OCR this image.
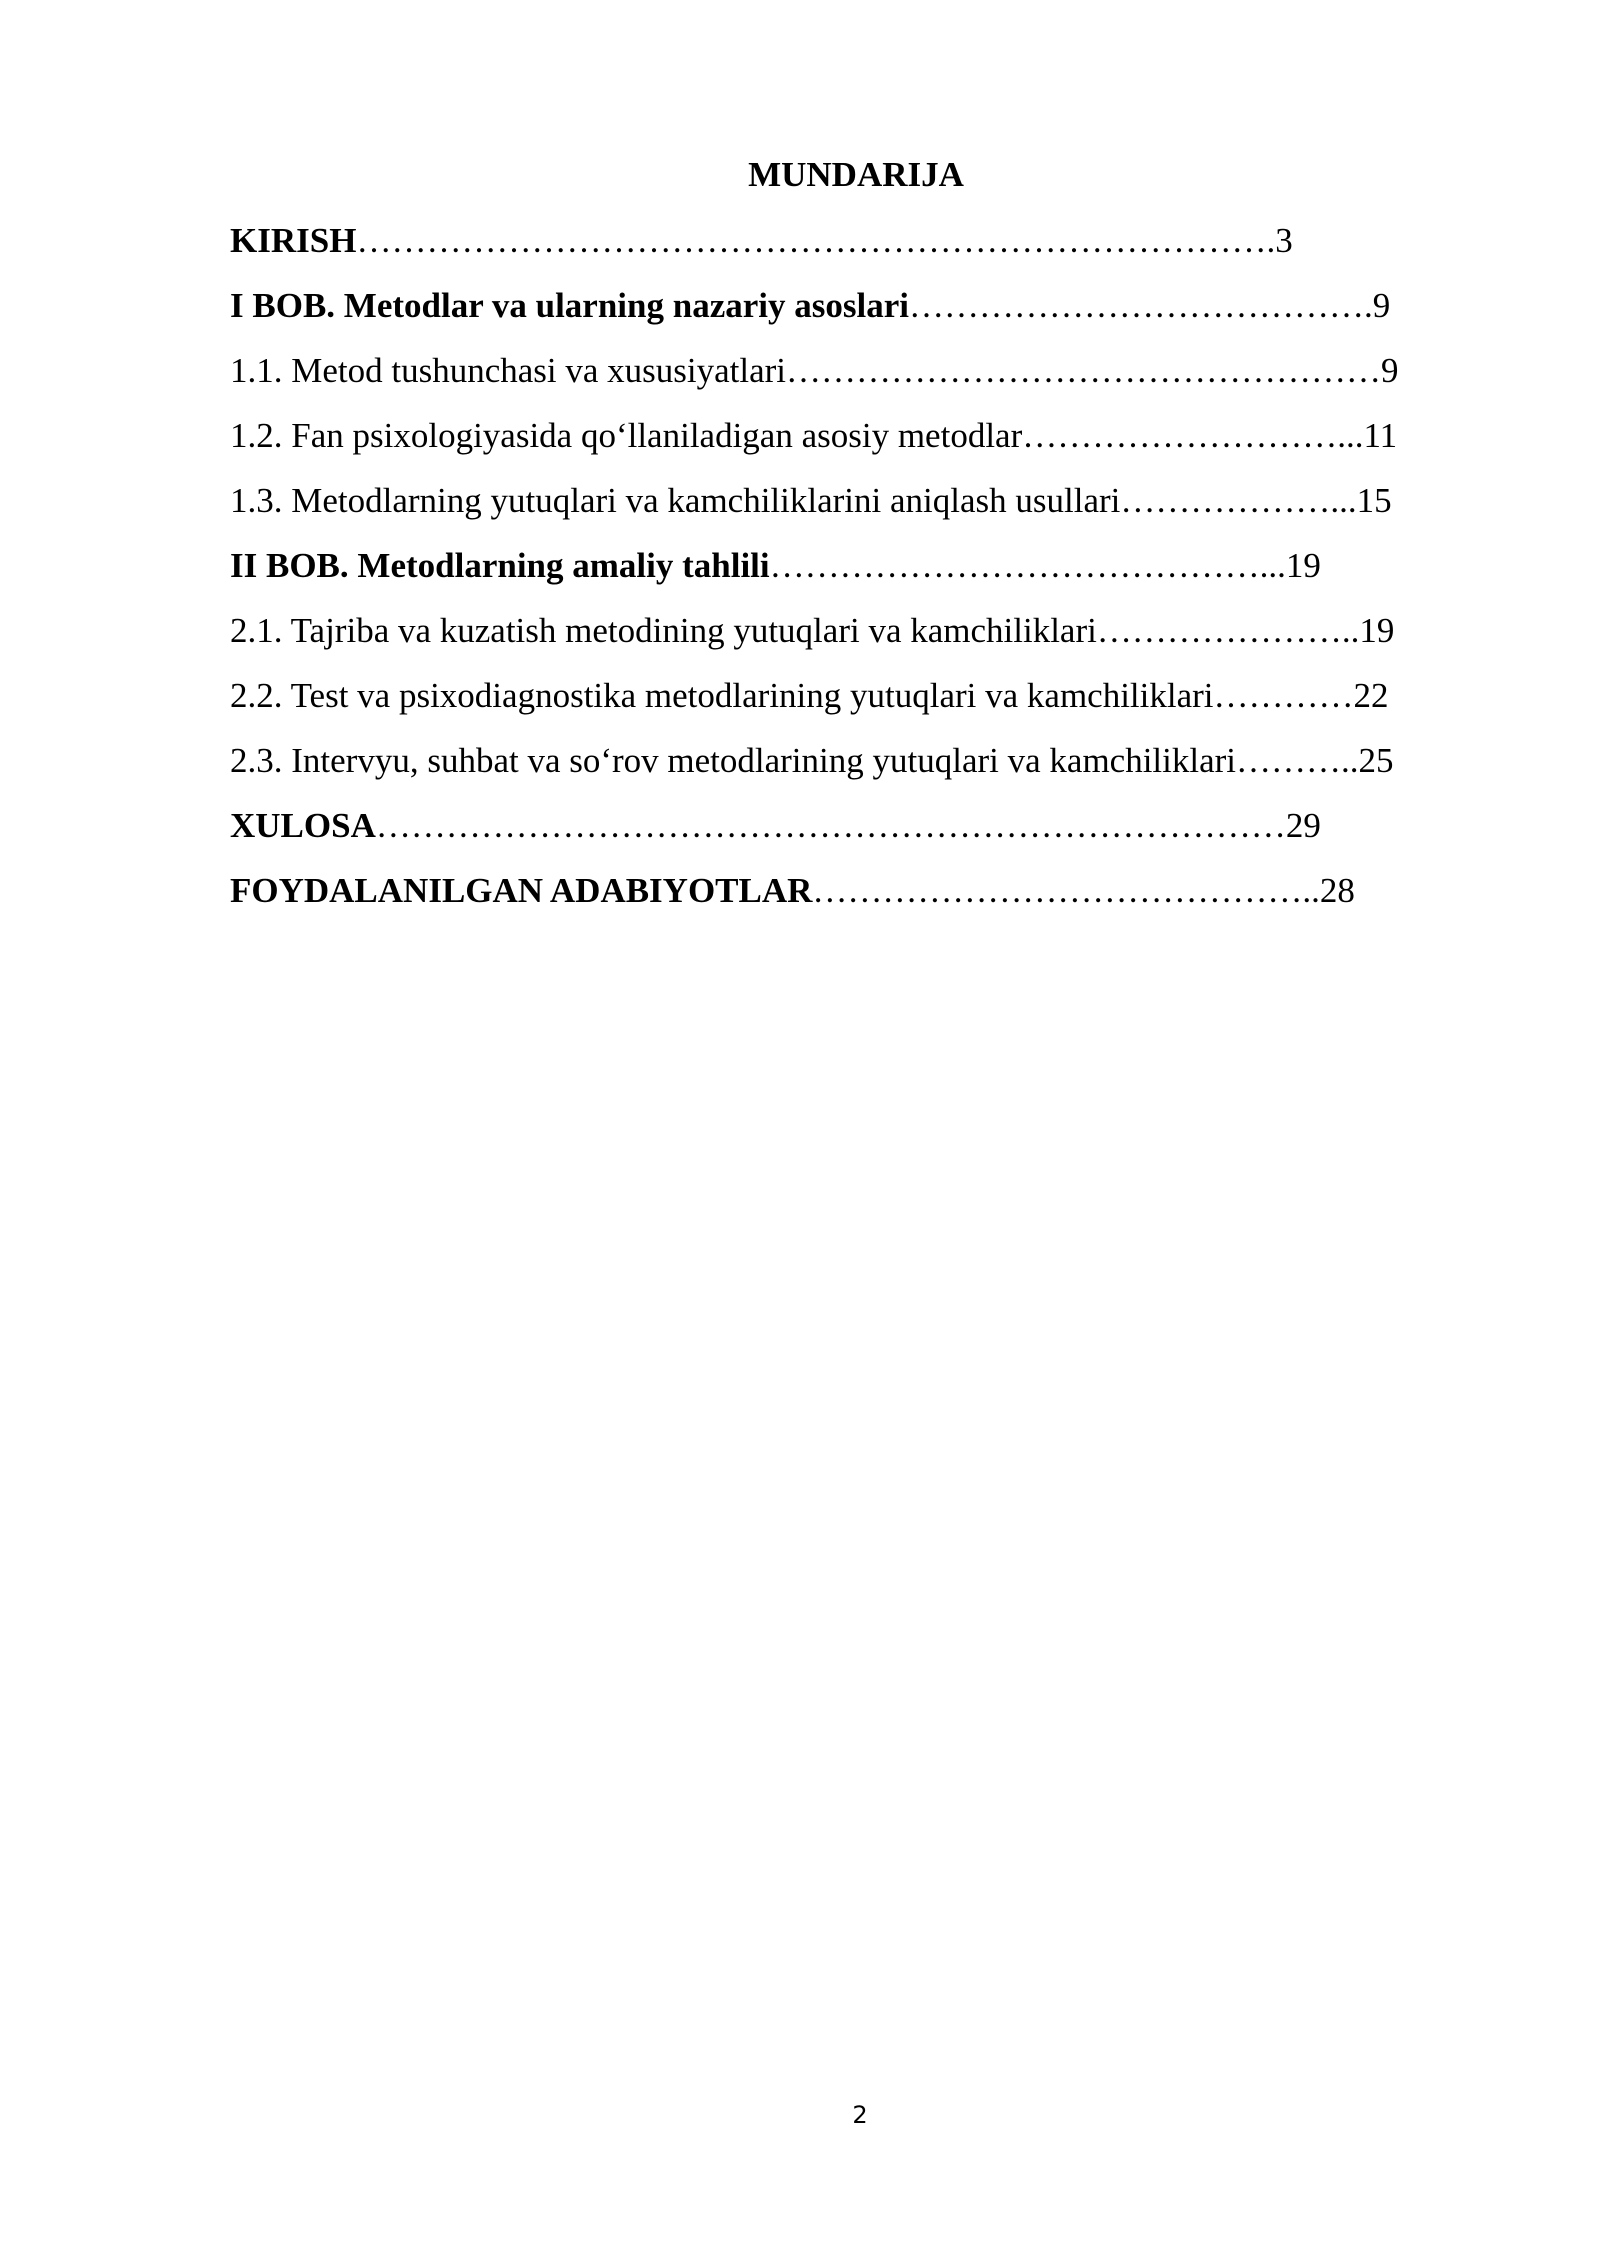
MUNDARIJA
KIRISH…………………………………………………………………….3
I BOB. Metodlar va ularning nazariy asoslari………………………………….9
1.1. Metod tushunchasi va xususiyatlari……………………………………………9
1.2. Fan psixologiyasida qo‘llaniladigan asosiy metodlar………………………...11
1.3. Metodlarning yutuqlari va kamchiliklarini aniqlash usullari………………...15
II BOB. Metodlarning amaliy tahlili……………………………………...19
2.1. Tajriba va kuzatish metodining yutuqlari va kamchiliklari…………………..19
2.2. Test va psixodiagnostika metodlarining yutuqlari va kamchiliklari…………22
2.3. Intervyu, suhbat va so‘rov metodlarining yutuqlari va kamchiliklari………..25
XULOSA……………………………………………………………………29
FOYDALANILGAN ADABIYOTLAR……………………………………..28
2
